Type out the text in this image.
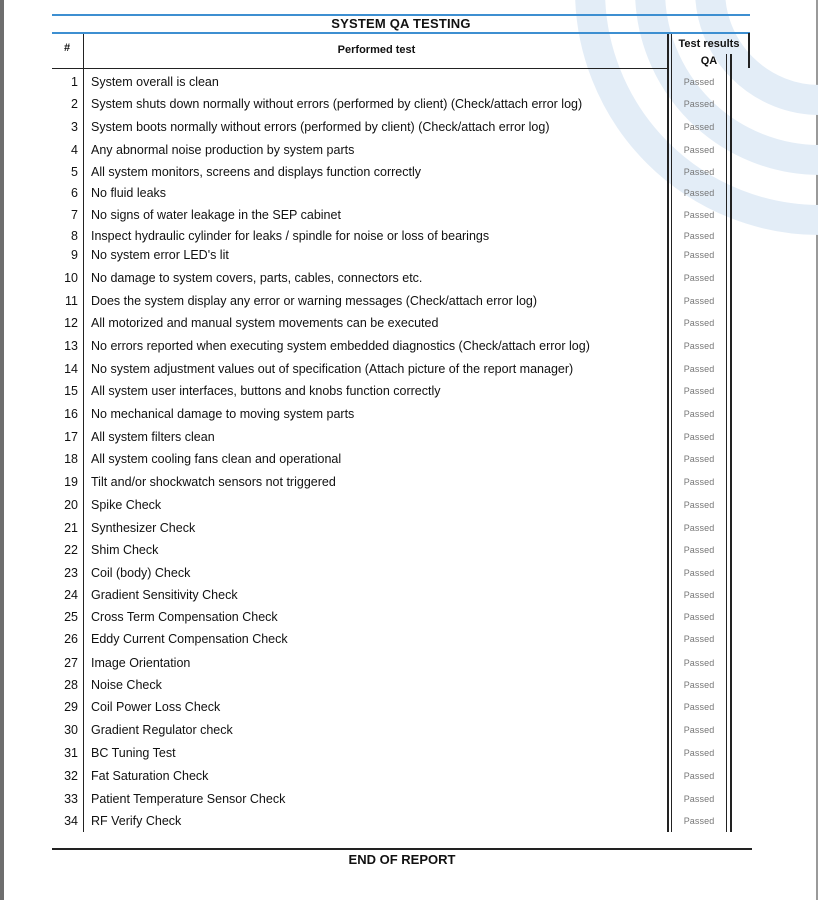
SYSTEM QA TESTING
#	Performed test	Test results
QA
1 System overall is clean	Passed
2 System shuts down normally without errors (performed by client) (Check/attach error log)	Passed
3 System boots normally without errors (performed by client) (Check/attach error log)	Passed
4 Any abnormal noise production by system parts	Passed
5 All system monitors, screens and displays function correctly	Passed
6 No fluid leaks	Passed
7 No signs of water leakage in the SEP cabinet	Passed
8 Inspect hydraulic cylinder for leaks / spindle for noise or loss of bearings	Passed
9 No system error LED's lit	Passed
10 No damage to system covers, parts, cables, connectors etc.	Passed
11 Does the system display any error or warning messages (Check/attach error log)	Passed
12 All motorized and manual system movements can be executed	Passed
13 No errors reported when executing system embedded diagnostics (Check/attach error log)	Passed
14 No system adjustment values out of specification (Attach picture of the report manager)	Passed
15 All system user interfaces, buttons and knobs function correctly	Passed
16 No mechanical damage to moving system parts	Passed
17 All system filters clean	Passed
18 All system cooling fans clean and operational	Passed
19 Tilt and/or shockwatch sensors not triggered	Passed
20 Spike Check	Passed
21 Synthesizer Check	Passed
22 Shim Check	Passed
23 Coil (body) Check	Passed
24 Gradient Sensitivity Check	Passed
25 Cross Term Compensation Check	Passed
26 Eddy Current Compensation Check	Passed
27 Image Orientation	Passed
28 Noise Check	Passed
29 Coil Power Loss Check	Passed
30 Gradient Regulator check	Passed
31 BC Tuning Test	Passed
32 Fat Saturation Check	Passed
33 Patient Temperature Sensor Check	Passed
34 RF Verify Check	Passed
END OF REPORT
